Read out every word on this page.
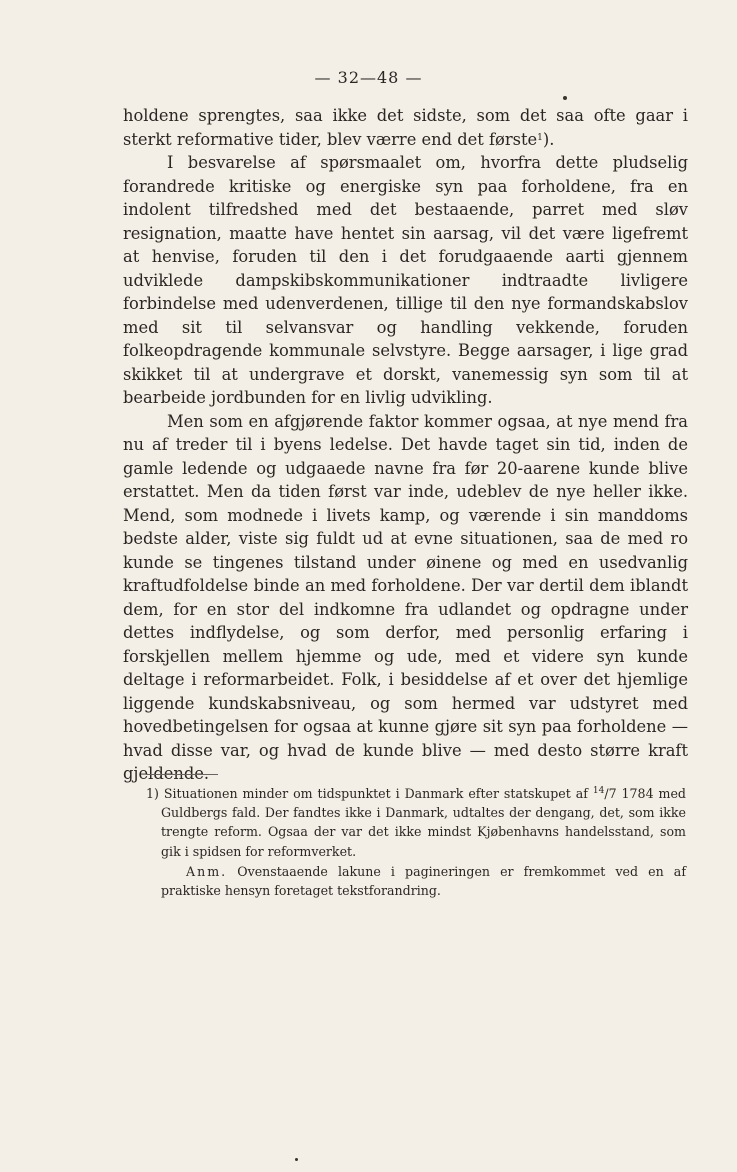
— 32—48 —

holdene sprengtes, saa ikke det sidste, som det saa ofte gaar i sterkt reformative tider, blev værre end det første$^1$).

I besvarelse af spørsmaalet om, hvorfra dette pludselig forandrede kritiske og energiske syn paa forholdene, fra en indolent tilfredshed med det bestaaende, parret med sløv resignation, maatte have hentet sin aarsag, vil det være ligefremt at henvise, foruden til den i det forudgaaende aarti gjennem udviklede dampskibskommunikationer indtraadte livligere forbindelse med udenverdenen, tillige til den nye formandskabslov med sit til selvansvar og handling vekkende, foruden folkeopdragende kommunale selvstyre. Begge aarsager, i lige grad skikket til at undergrave et dorskt, vanemessig syn som til at bearbeide jordbunden for en livlig udvikling.

Men som en afgjørende faktor kommer ogsaa, at nye mend fra nu af treder til i byens ledelse. Det havde taget sin tid, inden de gamle ledende og udgaaede navne fra før 20-aarene kunde blive erstattet. Men da tiden først var inde, udeblev de nye heller ikke. Mend, som modnede i livets kamp, og værende i sin manddoms bedste alder, viste sig fuldt ud at evne situationen, saa de med ro kunde se tingenes tilstand under øinene og med en usedvanlig kraftudfoldelse binde an med forholdene. Der var dertil dem iblandt dem, for en stor del indkomne fra udlandet og opdragne under dettes indflydelse, og som derfor, med personlig erfaring i forskjellen mellem hjemme og ude, med et videre syn kunde deltage i reformarbeidet. Folk, i besiddelse af et over det hjemlige liggende kundskabsniveau, og som hermed var udstyret med hovedbetingelsen for ogsaa at kunne gjøre sit syn paa forholdene — hvad disse var, og hvad de kunde blive — med desto større kraft gjeldende.

1) Situationen minder om tidspunktet i Danmark efter statskupet af $^{14}$/7 1784 med Guldbergs fald. Der fandtes ikke i Danmark, udtaltes der dengang, det, som ikke trengte reform. Ogsaa der var det ikke mindst Kjøbenhavns handelsstand, som gik i spidsen for reformverket.

Anm. Ovenstaaende lakune i pagineringen er fremkommet ved en af praktiske hensyn foretaget tekstforandring.
